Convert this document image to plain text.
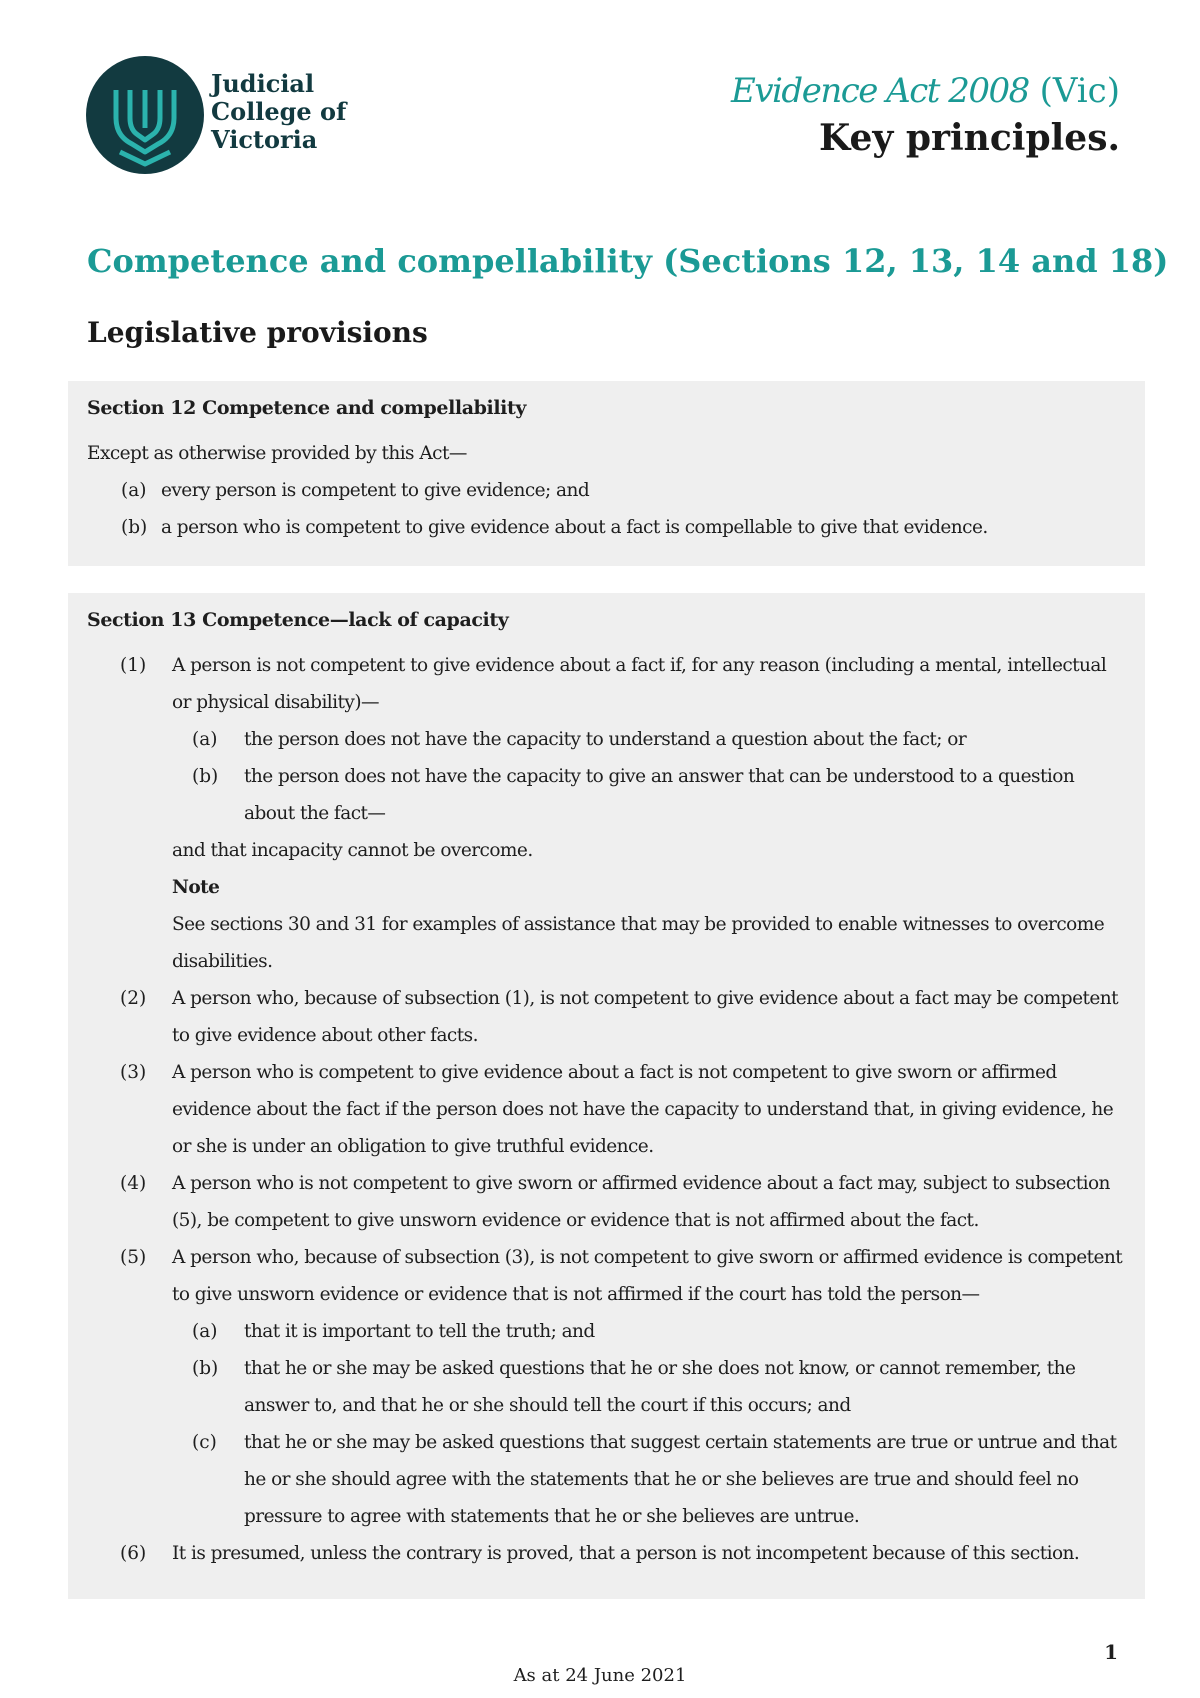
Judicial
College of
Victoria
Evidence Act 2008 (Vic)
Key principles.
Competence and compellability (Sections 12, 13, 14 and 18)
Legislative provisions
Section 12 Competence and compellability
Except as otherwise provided by this Act—
(a) every person is competent to give evidence; and
(b) a person who is competent to give evidence about a fact is compellable to give that evidence.
Section 13 Competence—lack of capacity
(1)	A person is not competent to give evidence about a fact if, for any reason (including a mental, intellectual or physical disability)—
(a)	the person does not have the capacity to understand a question about the fact; or
(b)	the person does not have the capacity to give an answer that can be understood to a question about the fact—
and that incapacity cannot be overcome.
Note
See sections 30 and 31 for examples of assistance that may be provided to enable witnesses to overcome disabilities.
(2)	A person who, because of subsection (1), is not competent to give evidence about a fact may be competent to give evidence about other facts.
(3)	A person who is competent to give evidence about a fact is not competent to give sworn or affirmed evidence about the fact if the person does not have the capacity to understand that, in giving evidence, he or she is under an obligation to give truthful evidence.
(4)	A person who is not competent to give sworn or affirmed evidence about a fact may, subject to subsection (5), be competent to give unsworn evidence or evidence that is not affirmed about the fact.
(5)	A person who, because of subsection (3), is not competent to give sworn or affirmed evidence is competent to give unsworn evidence or evidence that is not affirmed if the court has told the person—
(a)	that it is important to tell the truth; and
(b)	that he or she may be asked questions that he or she does not know, or cannot remember, the answer to, and that he or she should tell the court if this occurs; and
(c)	that he or she may be asked questions that suggest certain statements are true or untrue and that he or she should agree with the statements that he or she believes are true and should feel no pressure to agree with statements that he or she believes are untrue.
(6)	It is presumed, unless the contrary is proved, that a person is not incompetent because of this section.
1
As at 24 June 2021
